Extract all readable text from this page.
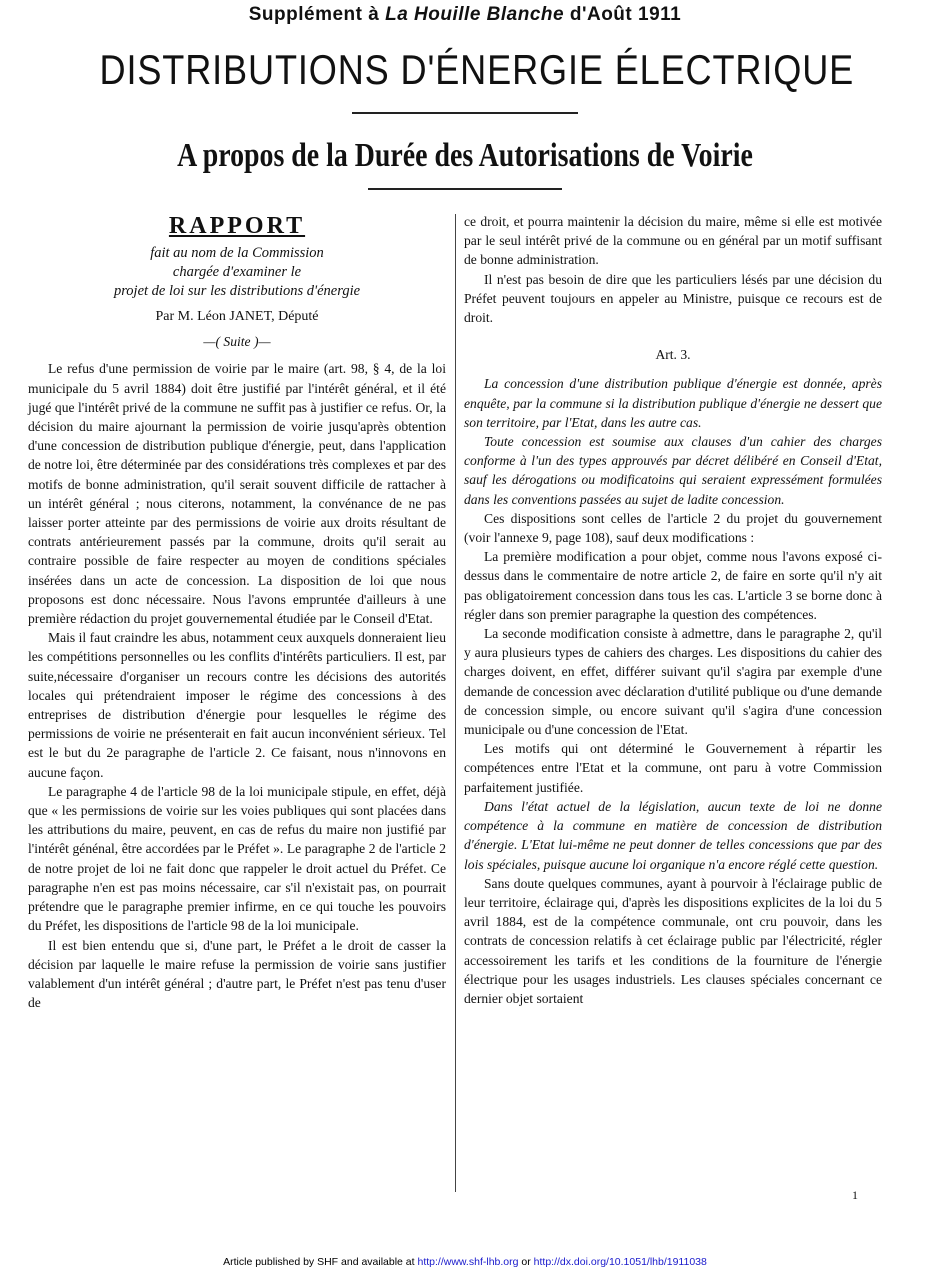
Supplément à La Houille Blanche d'Août 1911
DISTRIBUTIONS D'ÉNERGIE ÉLECTRIQUE
A propos de la Durée des Autorisations de Voirie
RAPPORT
fait au nom de la Commission
chargée d'examiner le
projet de loi sur les distributions d'énergie
Par M. Léon JANET, Député
—( Suite )—

Le refus d'une permission de voirie par le maire (art. 98, § 4, de la loi municipale du 5 avril 1884) doit être justifié par l'intérêt général, et il été jugé que l'intérêt privé de la commune ne suffit pas à justifier ce refus. Or, la décision du maire ajournant la permission de voirie jusqu'après obtention d'une concession de distribution publique d'énergie, peut, dans l'application de notre loi, être déterminée par des considérations très complexes et par des motifs de bonne administration, qu'il serait souvent difficile de rattacher à un intérêt général ; nous citerons, notamment, la convénance de ne pas laisser porter atteinte par des permissions de voirie aux droits résultant de contrats antérieurement passés par la commune, droits qu'il serait au contraire possible de faire respecter au moyen de conditions spéciales insérées dans un acte de concession. La disposition de loi que nous proposons est donc nécessaire. Nous l'avons empruntée d'ailleurs à une première rédaction du projet gouvernemental étudiée par le Conseil d'Etat.

Mais il faut craindre les abus, notamment ceux auxquels donneraient lieu les compétitions personnelles ou les conflits d'intérêts particuliers. Il est, par suite,nécessaire d'organiser un recours contre les décisions des autorités locales qui prétendraient imposer le régime des concessions à des entreprises de distribution d'énergie pour lesquelles le régime des permissions de voirie ne présenterait en fait aucun inconvénient sérieux. Tel est le but du 2e paragraphe de l'article 2. Ce faisant, nous n'innovons en aucune façon.

Le paragraphe 4 de l'article 98 de la loi municipale stipule, en effet, déjà que « les permissions de voirie sur les voies publiques qui sont placées dans les attributions du maire, peuvent, en cas de refus du maire non justifié par l'intérêt génénal, être accordées par le Préfet ». Le paragraphe 2 de l'article 2 de notre projet de loi ne fait donc que rappeler le droit actuel du Préfet. Ce paragraphe n'en est pas moins nécessaire, car s'il n'existait pas, on pourrait prétendre que le paragraphe premier infirme, en ce qui touche les pouvoirs du Préfet, les dispositions de l'article 98 de la loi municipale.

Il est bien entendu que si, d'une part, le Préfet a le droit de casser la décision par laquelle le maire refuse la permission de voirie sans justifier valablement d'un intérêt général ; d'autre part, le Préfet n'est pas tenu d'user de

ce droit, et pourra maintenir la décision du maire, même si elle est motivée par le seul intérêt privé de la commune ou en général par un motif suffisant de bonne administration.

Il n'est pas besoin de dire que les particuliers lésés par une décision du Préfet peuvent toujours en appeler au Ministre, puisque ce recours est de droit.

Art. 3.

La concession d'une distribution publique d'énergie est donnée, après enquête, par la commune si la distribution publique d'énergie ne dessert que son territoire, par l'Etat, dans les autre cas.

Toute concession est soumise aux clauses d'un cahier des charges conforme à l'un des types approuvés par décret délibéré en Conseil d'Etat, sauf les dérogations ou modificatoins qui seraient expressément formulées dans les conventions passées au sujet de ladite concession.

Ces dispositions sont celles de l'article 2 du projet du gouvernement (voir l'annexe 9, page 108), sauf deux modifications :

La première modification a pour objet, comme nous l'avons exposé ci-dessus dans le commentaire de notre article 2, de faire en sorte qu'il n'y ait pas obligatoirement concession dans tous les cas. L'article 3 se borne donc à régler dans son premier paragraphe la question des compétences.

La seconde modification consiste à admettre, dans le paragraphe 2, qu'il y aura plusieurs types de cahiers des charges. Les dispositions du cahier des charges doivent, en effet, différer suivant qu'il s'agira par exemple d'une demande de concession avec déclaration d'utilité publique ou d'une demande de concession simple, ou encore suivant qu'il s'agira d'une concession municipale ou d'une concession de l'Etat.

Les motifs qui ont déterminé le Gouvernement à répartir les compétences entre l'Etat et la commune, ont paru à votre Commission parfaitement justifiée.

Dans l'état actuel de la législation, aucun texte de loi ne donne compétence à la commune en matière de concession de distribution d'énergie. L'Etat lui-même ne peut donner de telles concessions que par des lois spéciales, puisque aucune loi organique n'a encore réglé cette question.

Sans doute quelques communes, ayant à pourvoir à l'éclairage public de leur territoire, éclairage qui, d'après les dispositions explicites de la loi du 5 avril 1884, est de la compétence communale, ont cru pouvoir, dans les contrats de concession relatifs à cet éclairage public par l'électricité, régler accessoirement les tarifs et les conditions de la fourniture de l'énergie électrique pour les usages industriels. Les clauses spéciales concernant ce dernier objet sortaient

1
Article published by SHF and available at http://www.shf-lhb.org or http://dx.doi.org/10.1051/lhb/1911038
